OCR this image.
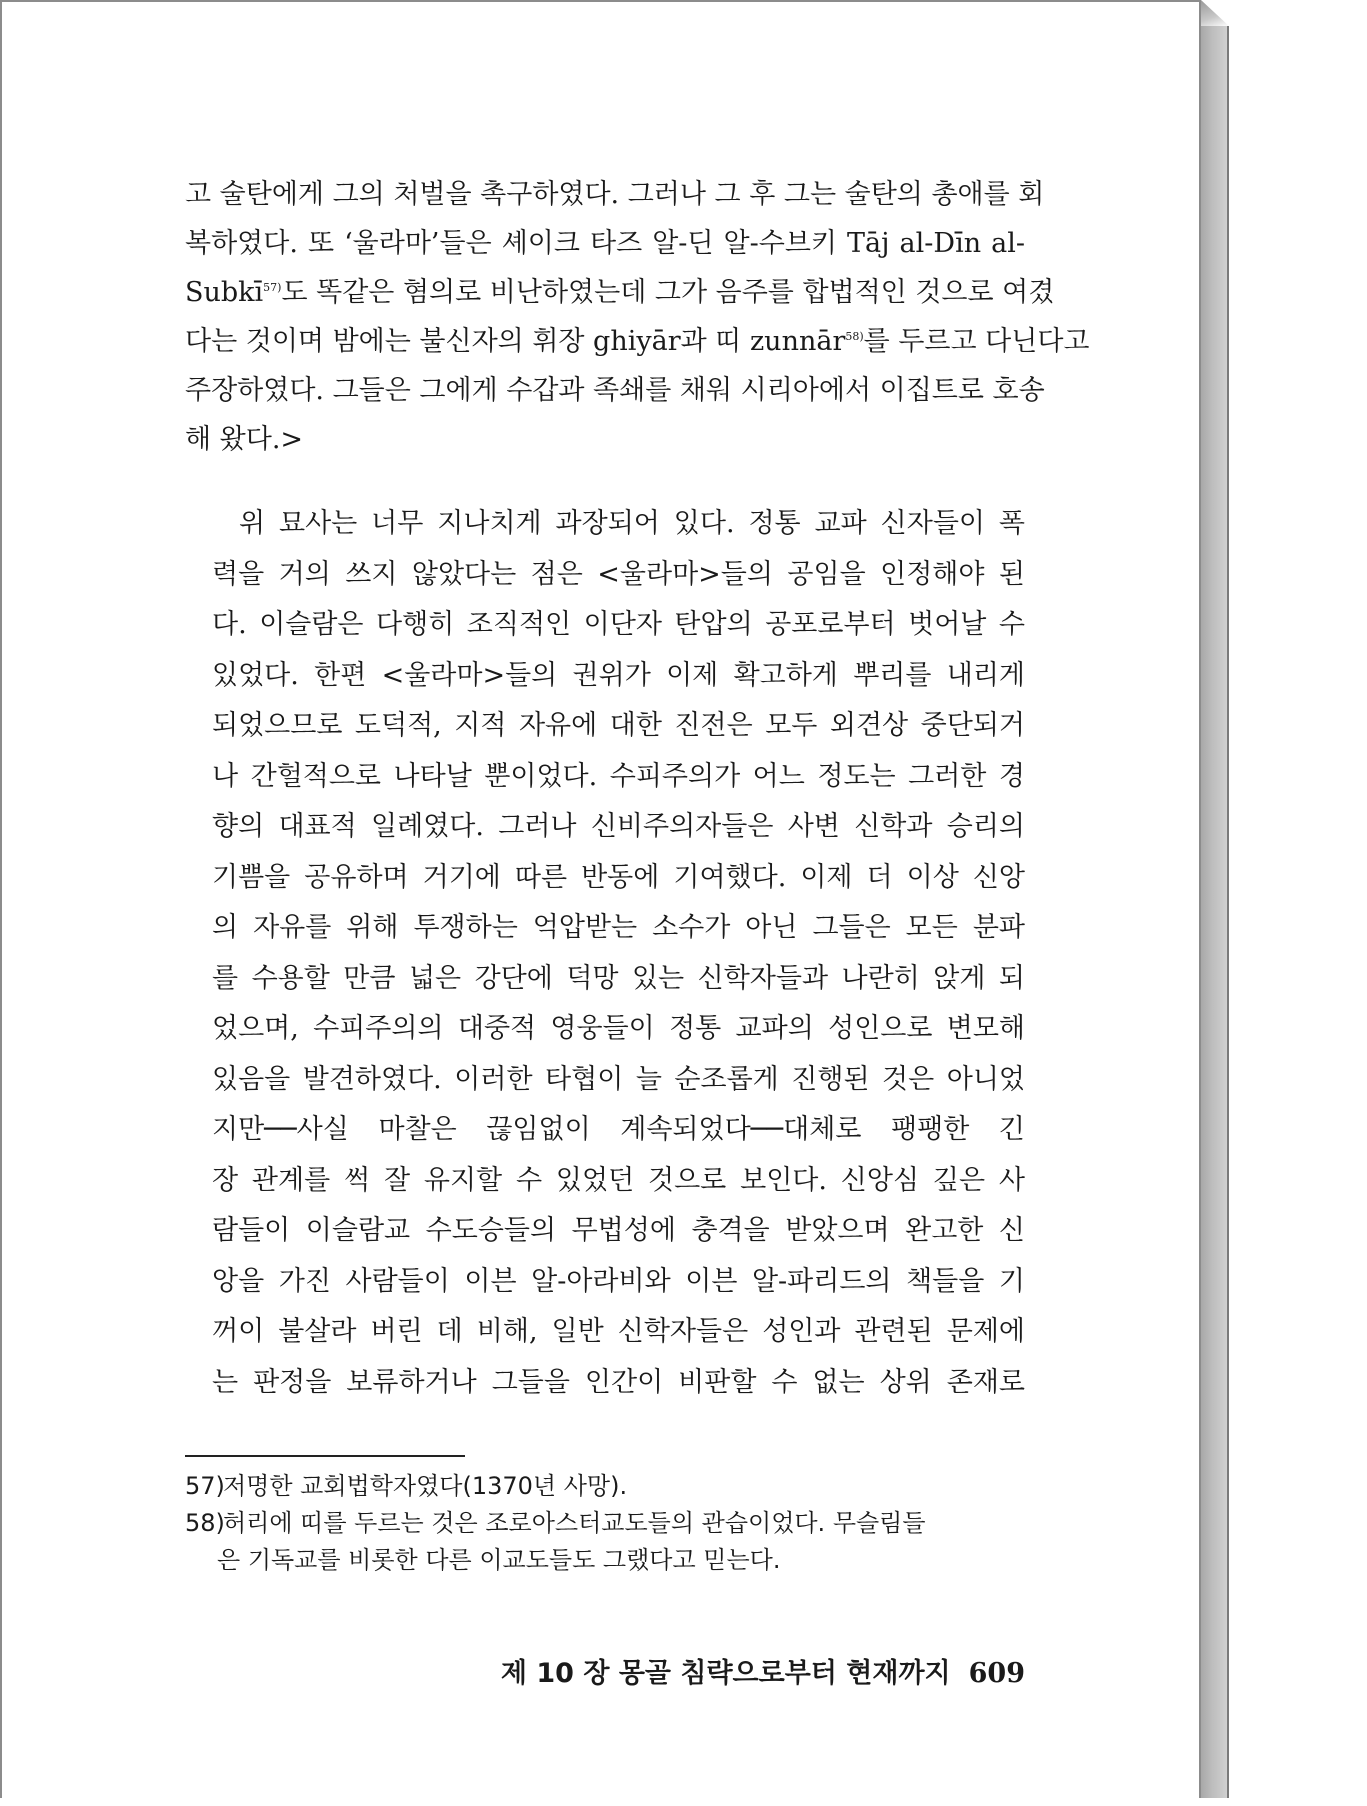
고 술탄에게 그의 처벌을 촉구하였다. 그러나 그 후 그는 술탄의 총애를 회
복하였다. 또 ‘울라마’들은 셰이크 타즈 알-딘 알-수브키 Tāj al-Dīn al-
Subkī$^{57)}$도 똑같은 혐의로 비난하였는데 그가 음주를 합법적인 것으로 여겼
다는 것이며 밤에는 불신자의 휘장 ghiyār과 띠 zunnār$^{58)}$를 두르고 다닌다고
주장하였다. 그들은 그에게 수갑과 족쇄를 채워 시리아에서 이집트로 호송
해 왔다.>

위 묘사는 너무 지나치게 과장되어 있다. 정통 교파 신자들이 폭
력을 거의 쓰지 않았다는 점은 <울라마>들의 공임을 인정해야 된
다. 이슬람은 다행히 조직적인 이단자 탄압의 공포로부터 벗어날 수
있었다. 한편 <울라마>들의 권위가 이제 확고하게 뿌리를 내리게
되었으므로 도덕적, 지적 자유에 대한 진전은 모두 외견상 중단되거
나 간헐적으로 나타날 뿐이었다. 수피주의가 어느 정도는 그러한 경
향의 대표적 일례였다. 그러나 신비주의자들은 사변 신학과 승리의
기쁨을 공유하며 거기에 따른 반동에 기여했다. 이제 더 이상 신앙
의 자유를 위해 투쟁하는 억압받는 소수가 아닌 그들은 모든 분파
를 수용할 만큼 넓은 강단에 덕망 있는 신학자들과 나란히 앉게 되
었으며, 수피주의의 대중적 영웅들이 정통 교파의 성인으로 변모해
있음을 발견하였다. 이러한 타협이 늘 순조롭게 진행된 것은 아니었
지만──사실 마찰은 끊임없이 계속되었다──대체로 팽팽한 긴
장 관계를 썩 잘 유지할 수 있었던 것으로 보인다. 신앙심 깊은 사
람들이 이슬람교 수도승들의 무법성에 충격을 받았으며 완고한 신
앙을 가진 사람들이 이븐 알-아라비와 이븐 알-파리드의 책들을 기
꺼이 불살라 버린 데 비해, 일반 신학자들은 성인과 관련된 문제에
는 판정을 보류하거나 그들을 인간이 비판할 수 없는 상위 존재로

57)저명한 교회법학자였다(1370년 사망).
58)허리에 띠를 두르는 것은 조로아스터교도들의 관습이었다. 무슬림들
은 기독교를 비롯한 다른 이교도들도 그랬다고 믿는다.
제 10 장 몽골 침략으로부터 현재까지 609
